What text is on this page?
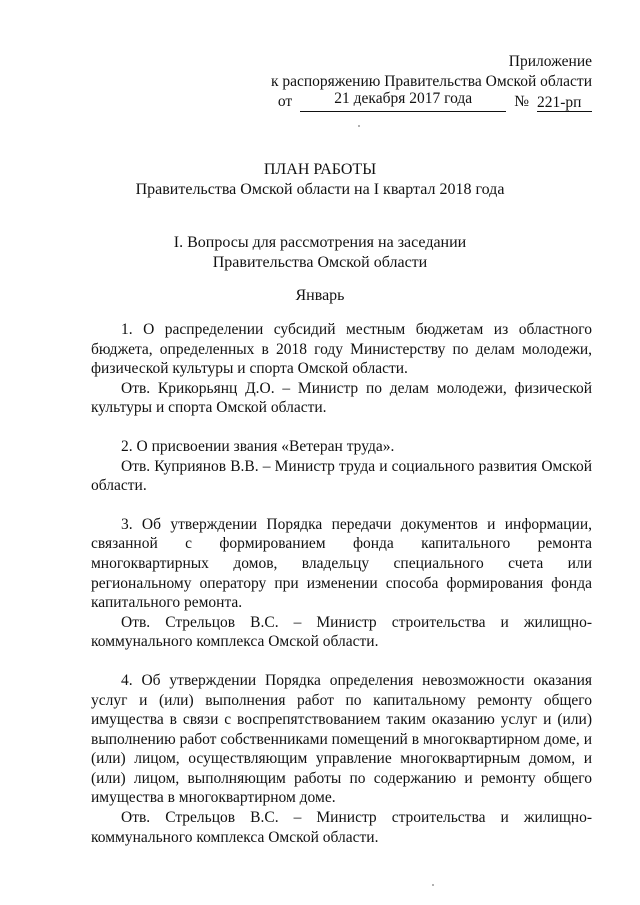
Приложение
к распоряжению Правительства Омской области
от	21 декабря 2017 года	№ 221-рп
ПЛАН РАБОТЫ
Правительства Омской области на I квартал 2018 года
I. Вопросы для рассмотрения на заседании
Правительства Омской области
Январь

1. О распределении субсидий местным бюджетам из областного бюджета, определенных в 2018 году Министерству по делам молодежи, физической культуры и спорта Омской области.

Отв. Крикорьянц Д.О. – Министр по делам молодежи, физической культуры и спорта Омской области.

2. О присвоении звания «Ветеран труда».

Отв. Куприянов В.В. – Министр труда и социального развития Омской области.

3. Об утверждении Порядка передачи документов и информации, связанной с формированием фонда капитального ремонта многоквартирных домов, владельцу специального счета или региональному оператору при изменении способа формирования фонда капитального ремонта.

Отв. Стрельцов В.С. – Министр строительства и жилищно-коммунального комплекса Омской области.

4. Об утверждении Порядка определения невозможности оказания услуг и (или) выполнения работ по капитальному ремонту общего имущества в связи с воспрепятствованием таким оказанию услуг и (или) выполнению работ собственниками помещений в многоквартирном доме, и (или) лицом, осуществляющим управление многоквартирным домом, и (или) лицом, выполняющим работы по содержанию и ремонту общего имущества в многоквартирном доме.

Отв. Стрельцов В.С. – Министр строительства и жилищно-коммунального комплекса Омской области.
